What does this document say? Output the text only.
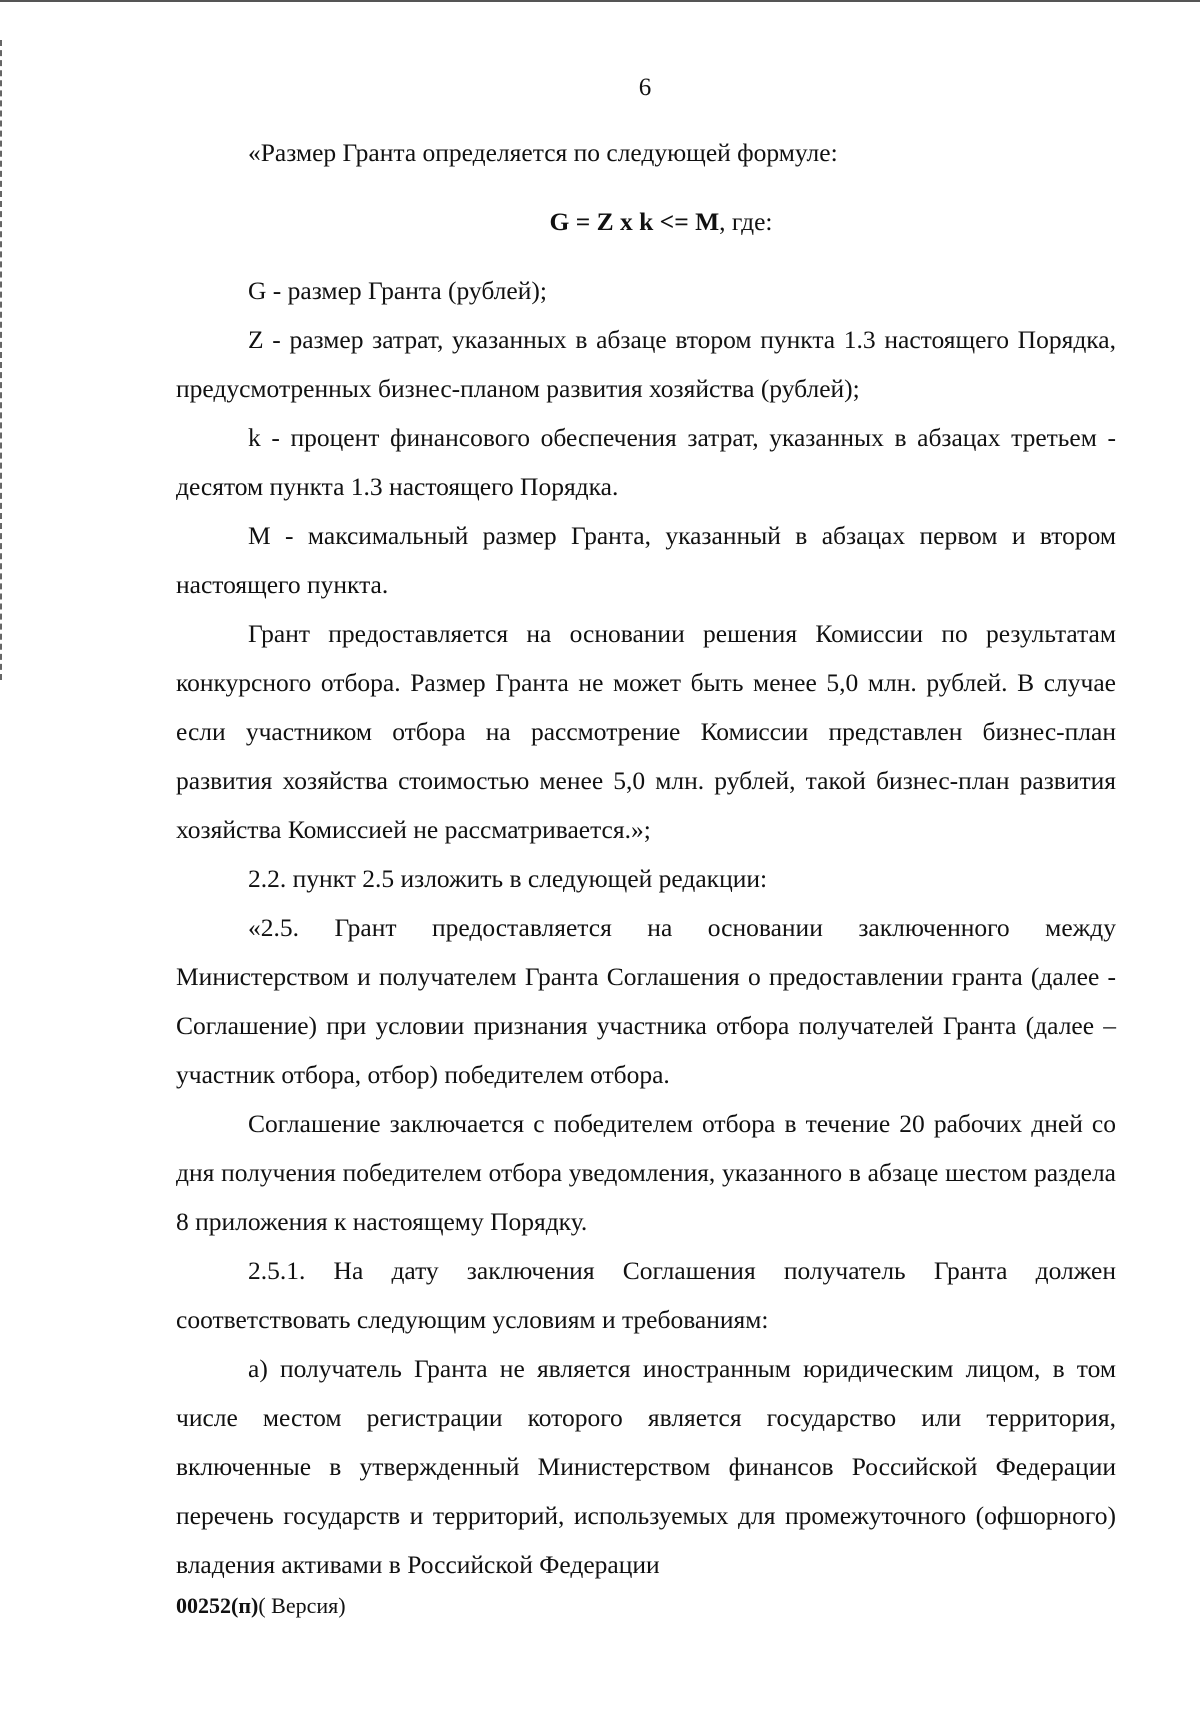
6

«Размер Гранта определяется по следующей формуле:

G = Z x k <= M, где:

G - размер Гранта (рублей);

Z - размер затрат, указанных в абзаце втором пункта 1.3 настоящего Порядка, предусмотренных бизнес-планом развития хозяйства (рублей);

k - процент финансового обеспечения затрат, указанных в абзацах третьем - десятом пункта 1.3 настоящего Порядка.

М - максимальный размер Гранта, указанный в абзацах первом и втором настоящего пункта.

Грант предоставляется на основании решения Комиссии по результатам конкурсного отбора. Размер Гранта не может быть менее 5,0 млн. рублей. В случае если участником отбора на рассмотрение Комиссии представлен бизнес-план развития хозяйства стоимостью менее 5,0 млн. рублей, такой бизнес-план развития хозяйства Комиссией не рассматривается.»;

2.2. пункт 2.5 изложить в следующей редакции:

«2.5. Грант предоставляется на основании заключенного между Министерством и получателем Гранта Соглашения о предоставлении гранта (далее - Соглашение) при условии признания участника отбора получателей Гранта (далее – участник отбора, отбор) победителем отбора.

Соглашение заключается с победителем отбора в течение 20 рабочих дней со дня получения победителем отбора уведомления, указанного в абзаце шестом раздела 8 приложения к настоящему Порядку.

2.5.1. На дату заключения Соглашения получатель Гранта должен соответствовать следующим условиям и требованиям:

а) получатель Гранта не является иностранным юридическим лицом, в том числе местом регистрации которого является государство или территория, включенные в утвержденный Министерством финансов Российской Федерации перечень государств и территорий, используемых для промежуточного (офшорного) владения активами в Российской Федерации

00252(п)( Версия)
